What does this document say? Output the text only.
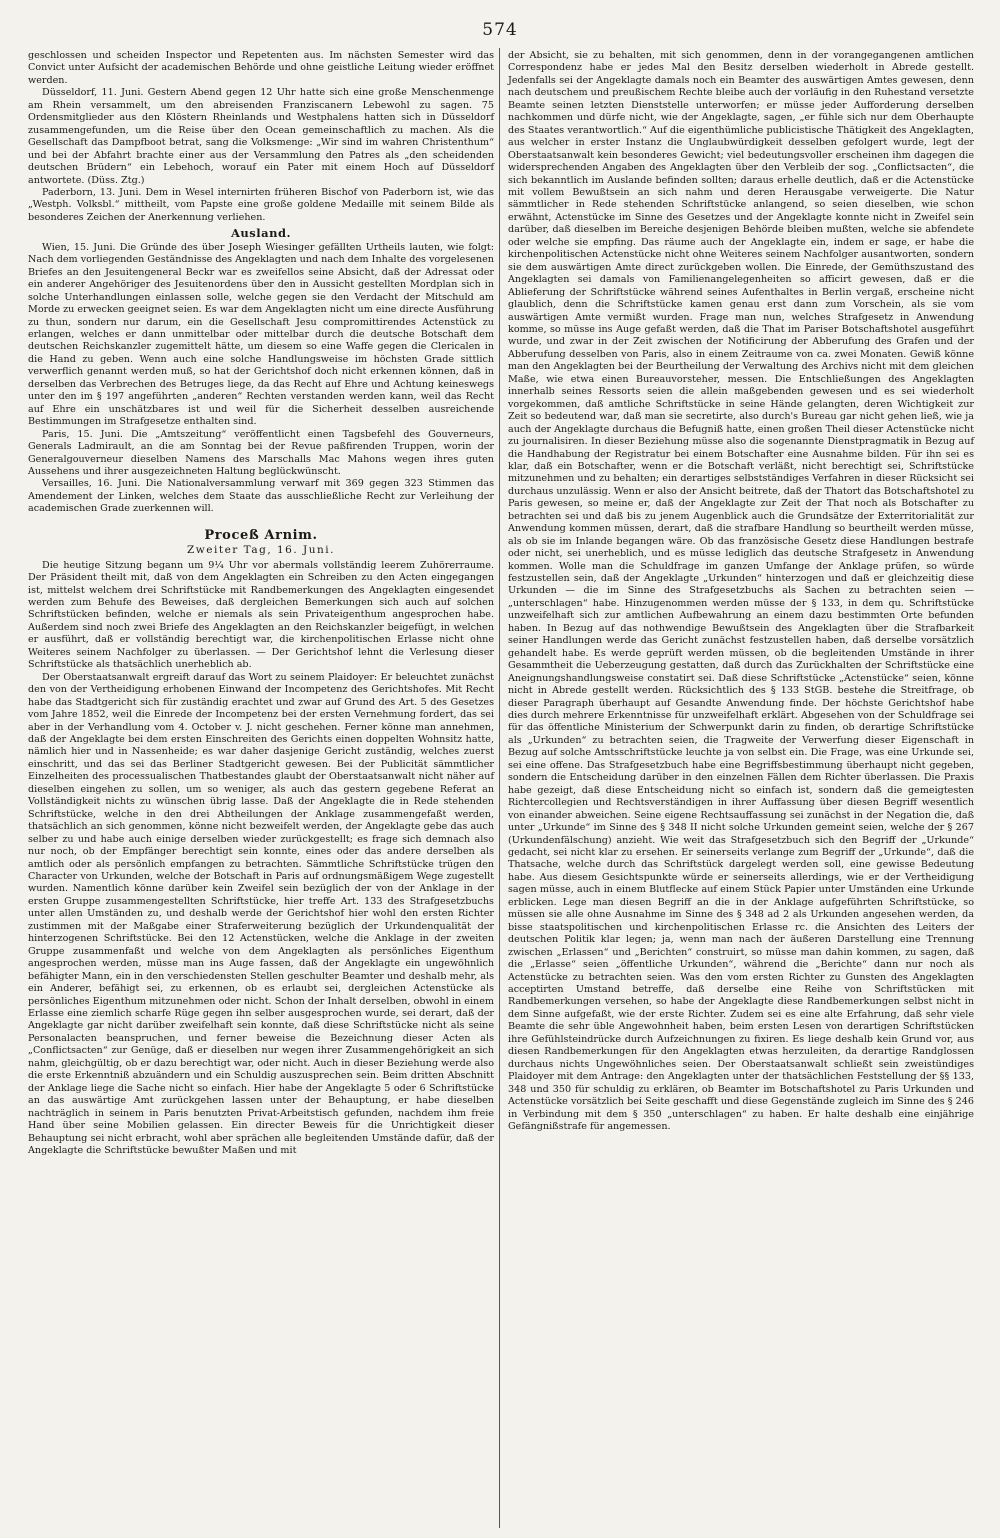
574

geschlossen und scheiden Inspector und Repetenten aus. Im nächsten Semester wird das Convict unter Aufsicht der academischen Behörde und ohne geistliche Leitung wieder eröffnet werden.

Düsseldorf, 11. Juni. Gestern Abend gegen 12 Uhr hatte sich eine große Menschenmenge am Rhein versammelt, um den abreisenden Franziscanern Lebewohl zu sagen. 75 Ordensmitglieder aus den Klöstern Rheinlands und Westphalens hatten sich in Düsseldorf zusammengefunden, um die Reise über den Ocean gemeinschaftlich zu machen. Als die Gesellschaft das Dampfboot betrat, sang die Volksmenge: „Wir sind im wahren Christenthum“ und bei der Abfahrt brachte einer aus der Versammlung den Patres als „den scheidenden deutschen Brüdern“ ein Lebehoch, worauf ein Pater mit einem Hoch auf Düsseldorf antwortete. (Düss. Ztg.)

Paderborn, 13. Juni. Dem in Wesel internirten früheren Bischof von Paderborn ist, wie das „Westph. Volksbl.“ mittheilt, vom Papste eine große goldene Medaille mit seinem Bilde als besonderes Zeichen der Anerkennung verliehen.

Ausland.

Wien, 15. Juni. Die Gründe des über Joseph Wiesinger gefällten Urtheils lauten, wie folgt: Nach dem vorliegenden Geständnisse des Angeklagten und nach dem Inhalte des vorgelesenen Briefes an den Jesuitengeneral Beckr war es zweifellos seine Absicht, daß der Adressat oder ein anderer Angehöriger des Jesuitenordens über den in Aussicht gestellten Mordplan sich in solche Unterhandlungen einlassen solle, welche gegen sie den Verdacht der Mitschuld am Morde zu erwecken geeignet seien. Es war dem Angeklagten nicht um eine directe Ausführung zu thun, sondern nur darum, ein die Gesellschaft Jesu compromittirendes Actenstück zu erlangen, welches er dann unmittelbar oder mittelbar durch die deutsche Botschaft dem deutschen Reichskanzler zugemittelt hätte, um diesem so eine Waffe gegen die Clericalen in die Hand zu geben. Wenn auch eine solche Handlungsweise im höchsten Grade sittlich verwerflich genannt werden muß, so hat der Gerichtshof doch nicht erkennen können, daß in derselben das Verbrechen des Betruges liege, da das Recht auf Ehre und Achtung keineswegs unter den im § 197 angeführten „anderen“ Rechten verstanden werden kann, weil das Recht auf Ehre ein unschätzbares ist und weil für die Sicherheit desselben ausreichende Bestimmungen im Strafgesetze enthalten sind.

Paris, 15. Juni. Die „Amtszeitung“ veröffentlicht einen Tagsbefehl des Gouverneurs, Generals Ladmirault, an die am Sonntag bei der Revue paßfirenden Truppen, worin der Generalgouverneur dieselben Namens des Marschalls Mac Mahons wegen ihres guten Aussehens und ihrer ausgezeichneten Haltung beglückwünscht.

Versailles, 16. Juni. Die Nationalversammlung verwarf mit 369 gegen 323 Stimmen das Amendement der Linken, welches dem Staate das ausschließliche Recht zur Verleihung der academischen Grade zuerkennen will.

Proceß Arnim.
Zweiter Tag, 16. Juni.

Die heutige Sitzung begann um 9¼ Uhr vor abermals vollständig leerem Zuhörerraume. Der Präsident theilt mit, daß von dem Angeklagten ein Schreiben zu den Acten eingegangen ist, mittelst welchem drei Schriftstücke mit Randbemerkungen des Angeklagten eingesendet werden zum Behufe des Beweises, daß dergleichen Bemerkungen sich auch auf solchen Schriftstücken befinden, welche er niemals als sein Privateigenthum angesprochen habe. Außerdem sind noch zwei Briefe des Angeklagten an den Reichskanzler beigefügt, in welchen er ausführt, daß er vollständig berechtigt war, die kirchenpolitischen Erlasse nicht ohne Weiteres seinem Nachfolger zu überlassen. — Der Gerichtshof lehnt die Verlesung dieser Schriftstücke als thatsächlich unerheblich ab.

Der Oberstaatsanwalt ergreift darauf das Wort zu seinem Plaidoyer: Er beleuchtet zunächst den von der Vertheidigung erhobenen Einwand der Incompetenz des Gerichtshofes. Mit Recht habe das Stadtgericht sich für zuständig erachtet und zwar auf Grund des Art. 5 des Gesetzes vom Jahre 1852, weil die Einrede der Incompetenz bei der ersten Vernehmung fordert, das sei aber in der Verhandlung vom 4. October v. J. nicht geschehen. Ferner könne man annehmen, daß der Angeklagte bei dem ersten Einschreiten des Gerichts einen doppelten Wohnsitz hatte, nämlich hier und in Nassenheide; es war daher dasjenige Gericht zuständig, welches zuerst einschritt, und das sei das Berliner Stadtgericht gewesen. Bei der Publicität sämmtlicher Einzelheiten des processualischen Thatbestandes glaubt der Oberstaatsanwalt nicht näher auf dieselben eingehen zu sollen, um so weniger, als auch das gestern gegebene Referat an Vollständigkeit nichts zu wünschen übrig lasse. Daß der Angeklagte die in Rede stehenden Schriftstücke, welche in den drei Abtheilungen der Anklage zusammengefaßt werden, thatsächlich an sich genommen, könne nicht bezweifelt werden, der Angeklagte gebe das auch selber zu und habe auch einige derselben wieder zurückgestellt; es frage sich demnach also nur noch, ob der Empfänger berechtigt sein konnte, eines oder das andere derselben als amtlich oder als persönlich empfangen zu betrachten. Sämmtliche Schriftstücke trügen den Character von Urkunden, welche der Botschaft in Paris auf ordnungsmäßigem Wege zugestellt wurden. Namentlich könne darüber kein Zweifel sein bezüglich der von der Anklage in der ersten Gruppe zusammengestellten Schriftstücke, hier treffe Art. 133 des Strafgesetzbuchs unter allen Umständen zu, und deshalb werde der Gerichtshof hier wohl den ersten Richter zustimmen mit der Maßgabe einer Straferweiterung bezüglich der Urkundenqualität der hinterzogenen Schriftstücke. Bei den 12 Actenstücken, welche die Anklage in der zweiten Gruppe zusammenfaßt und welche von dem Angeklagten als persönliches Eigenthum angesprochen werden, müsse man ins Auge fassen, daß der Angeklagte ein ungewöhnlich befähigter Mann, ein in den verschiedensten Stellen geschulter Beamter und deshalb mehr, als ein Anderer, befähigt sei, zu erkennen, ob es erlaubt sei, dergleichen Actenstücke als persönliches Eigenthum mitzunehmen oder nicht. Schon der Inhalt derselben, obwohl in einem Erlasse eine ziemlich scharfe Rüge gegen ihn selber ausgesprochen wurde, sei derart, daß der Angeklagte gar nicht darüber zweifelhaft sein konnte, daß diese Schriftstücke nicht als seine Personalacten beanspruchen, und ferner beweise die Bezeichnung dieser Acten als „Conflictsacten“ zur Genüge, daß er dieselben nur wegen ihrer Zusammengehörigkeit an sich nahm, gleichgültig, ob er dazu berechtigt war, oder nicht. Auch in dieser Beziehung werde also die erste Erkenntniß abzuändern und ein Schuldig auszusprechen sein. Beim dritten Abschnitt der Anklage liege die Sache nicht so einfach. Hier habe der Angeklagte 5 oder 6 Schriftstücke an das auswärtige Amt zurückgehen lassen unter der Behauptung, er habe dieselben nachträglich in seinem in Paris benutzten Privat-Arbeitstisch gefunden, nachdem ihm freie Hand über seine Mobilien gelassen. Ein directer Beweis für die Unrichtigkeit dieser Behauptung sei nicht erbracht, wohl aber sprächen alle begleitenden Umstände dafür, daß der Angeklagte die Schriftstücke bewußter Maßen und mit

der Absicht, sie zu behalten, mit sich genommen, denn in der vorangegangenen amtlichen Correspondenz habe er jedes Mal den Besitz derselben wiederholt in Abrede gestellt. Jedenfalls sei der Angeklagte damals noch ein Beamter des auswärtigen Amtes gewesen, denn nach deutschem und preußischem Rechte bleibe auch der vorläufig in den Ruhestand versetzte Beamte seinen letzten Dienststelle unterworfen; er müsse jeder Aufforderung derselben nachkommen und dürfe nicht, wie der Angeklagte, sagen, „er fühle sich nur dem Oberhaupte des Staates verantwortlich.“ Auf die eigenthümliche publicistische Thätigkeit des Angeklagten, aus welcher in erster Instanz die Unglaubwürdigkeit desselben gefolgert wurde, legt der Oberstaatsanwalt kein besonderes Gewicht; viel bedeutungsvoller erscheinen ihm dagegen die widersprechenden Angaben des Angeklagten über den Verbleib der sog. „Conflictsacten“, die sich bekanntlich im Auslande befinden sollten; daraus erhelle deutlich, daß er die Actenstücke mit vollem Bewußtsein an sich nahm und deren Herausgabe verweigerte. Die Natur sämmtlicher in Rede stehenden Schriftstücke anlangend, so seien dieselben, wie schon erwähnt, Actenstücke im Sinne des Gesetzes und der Angeklagte konnte nicht in Zweifel sein darüber, daß dieselben im Bereiche desjenigen Behörde bleiben mußten, welche sie abfendete oder welche sie empfing. Das räume auch der Angeklagte ein, indem er sage, er habe die kirchenpolitischen Actenstücke nicht ohne Weiteres seinem Nachfolger ausantworten, sondern sie dem auswärtigen Amte direct zurückgeben wollen. Die Einrede, der Gemüthszustand des Angeklagten sei damals von Familienangelegenheiten so afficirt gewesen, daß er die Ablieferung der Schriftstücke während seines Aufenthaltes in Berlin vergaß, erscheine nicht glaublich, denn die Schriftstücke kamen genau erst dann zum Vorschein, als sie vom auswärtigen Amte vermißt wurden. Frage man nun, welches Strafgesetz in Anwendung komme, so müsse ins Auge gefaßt werden, daß die That im Pariser Botschaftshotel ausgeführt wurde, und zwar in der Zeit zwischen der Notificirung der Abberufung des Grafen und der Abberufung desselben von Paris, also in einem Zeitraume von ca. zwei Monaten. Gewiß könne man den Angeklagten bei der Beurtheilung der Verwaltung des Archivs nicht mit dem gleichen Maße, wie etwa einen Bureauvorsteher, messen. Die Entschließungen des Angeklagten innerhalb seines Ressorts seien die allein maßgebenden gewesen und es sei wiederholt vorgekommen, daß amtliche Schriftstücke in seine Hände gelangten, deren Wichtigkeit zur Zeit so bedeutend war, daß man sie secretirte, also durch's Bureau gar nicht gehen ließ, wie ja auch der Angeklagte durchaus die Befugniß hatte, einen großen Theil dieser Actenstücke nicht zu journalisiren. In dieser Beziehung müsse also die sogenannte Dienstpragmatik in Bezug auf die Handhabung der Registratur bei einem Botschafter eine Ausnahme bilden. Für ihn sei es klar, daß ein Botschafter, wenn er die Botschaft verläßt, nicht berechtigt sei, Schriftstücke mitzunehmen und zu behalten; ein derartiges selbstständiges Verfahren in dieser Rücksicht sei durchaus unzulässig. Wenn er also der Ansicht beitrete, daß der Thatort das Botschaftshotel zu Paris gewesen, so meine er, daß der Angeklagte zur Zeit der That noch als Botschafter zu betrachten sei und daß bis zu jenem Augenblick auch die Grundsätze der Exterritorialität zur Anwendung kommen müssen, derart, daß die strafbare Handlung so beurtheilt werden müsse, als ob sie im Inlande begangen wäre. Ob das französische Gesetz diese Handlungen bestrafe oder nicht, sei unerheblich, und es müsse lediglich das deutsche Strafgesetz in Anwendung kommen. Wolle man die Schuldfrage im ganzen Umfange der Anklage prüfen, so würde festzustellen sein, daß der Angeklagte „Urkunden“ hinterzogen und daß er gleichzeitig diese Urkunden — die im Sinne des Strafgesetzbuchs als Sachen zu betrachten seien — „unterschlagen“ habe. Hinzugenommen werden müsse der § 133, in dem qu. Schriftstücke unzweifelhaft sich zur amtlichen Aufbewahrung an einem dazu bestimmten Orte befunden haben. In Bezug auf das nothwendige Bewußtsein des Angeklagten über die Strafbarkeit seiner Handlungen werde das Gericht zunächst festzustellen haben, daß derselbe vorsätzlich gehandelt habe. Es werde geprüft werden müssen, ob die begleitenden Umstände in ihrer Gesammtheit die Ueberzeugung gestatten, daß durch das Zurückhalten der Schriftstücke eine Aneignungshandlungsweise constatirt sei. Daß diese Schriftstücke „Actenstücke“ seien, könne nicht in Abrede gestellt werden. Rücksichtlich des § 133 StGB. bestehe die Streitfrage, ob dieser Paragraph überhaupt auf Gesandte Anwendung finde. Der höchste Gerichtshof habe dies durch mehrere Erkenntnisse für unzweifelhaft erklärt. Abgesehen von der Schuldfrage sei für das öffentliche Ministerium der Schwerpunkt darin zu finden, ob derartige Schriftstücke als „Urkunden“ zu betrachten seien, die Tragweite der Verwerfung dieser Eigenschaft in Bezug auf solche Amtsschriftstücke leuchte ja von selbst ein. Die Frage, was eine Urkunde sei, sei eine offene. Das Strafgesetzbuch habe eine Begriffsbestimmung überhaupt nicht gegeben, sondern die Entscheidung darüber in den einzelnen Fällen dem Richter überlassen. Die Praxis habe gezeigt, daß diese Entscheidung nicht so einfach ist, sondern daß die gemeigtesten Richtercollegien und Rechtsverständigen in ihrer Auffassung über diesen Begriff wesentlich von einander abweichen. Seine eigene Rechtsauffassung sei zunächst in der Negation die, daß unter „Urkunde“ im Sinne des § 348 II nicht solche Urkunden gemeint seien, welche der § 267 (Urkundenfälschung) anzieht. Wie weit das Strafgesetzbuch sich den Begriff der „Urkunde“ gedacht, sei nicht klar zu ersehen. Er seinerseits verlange zum Begriff der „Urkunde“, daß die Thatsache, welche durch das Schriftstück dargelegt werden soll, eine gewisse Bedeutung habe. Aus diesem Gesichtspunkte würde er seinerseits allerdings, wie er der Vertheidigung sagen müsse, auch in einem Blutflecke auf einem Stück Papier unter Umständen eine Urkunde erblicken. Lege man diesen Begriff an die in der Anklage aufgeführten Schriftstücke, so müssen sie alle ohne Ausnahme im Sinne des § 348 ad 2 als Urkunden angesehen werden, da bisse staatspolitischen und kirchenpolitischen Erlasse rc. die Ansichten des Leiters der deutschen Politik klar legen; ja, wenn man nach der äußeren Darstellung eine Trennung zwischen „Erlassen“ und „Berichten“ construirt, so müsse man dahin kommen, zu sagen, daß die „Erlasse“ seien „öffentliche Urkunden“, während die „Berichte“ dann nur noch als Actenstücke zu betrachten seien. Was den vom ersten Richter zu Gunsten des Angeklagten acceptirten Umstand betreffe, daß derselbe eine Reihe von Schriftstücken mit Randbemerkungen versehen, so habe der Angeklagte diese Randbemerkungen selbst nicht in dem Sinne aufgefaßt, wie der erste Richter. Zudem sei es eine alte Erfahrung, daß sehr viele Beamte die sehr üble Angewohnheit haben, beim ersten Lesen von derartigen Schriftstücken ihre Gefühlsteindrücke durch Aufzeichnungen zu fixiren. Es liege deshalb kein Grund vor, aus diesen Randbemerkungen für den Angeklagten etwas herzuleiten, da derartige Randglossen durchaus nichts Ungewöhnliches seien. Der Oberstaatsanwalt schließt sein zweistündiges Plaidoyer mit dem Antrage: den Angeklagten unter der thatsächlichen Feststellung der §§ 133, 348 und 350 für schuldig zu erklären, ob Beamter im Botschaftshotel zu Paris Urkunden und Actenstücke vorsätzlich bei Seite geschafft und diese Gegenstände zugleich im Sinne des § 246 in Verbindung mit dem § 350 „unterschlagen“ zu haben. Er halte deshalb eine einjährige Gefängnißstrafe für angemessen.
